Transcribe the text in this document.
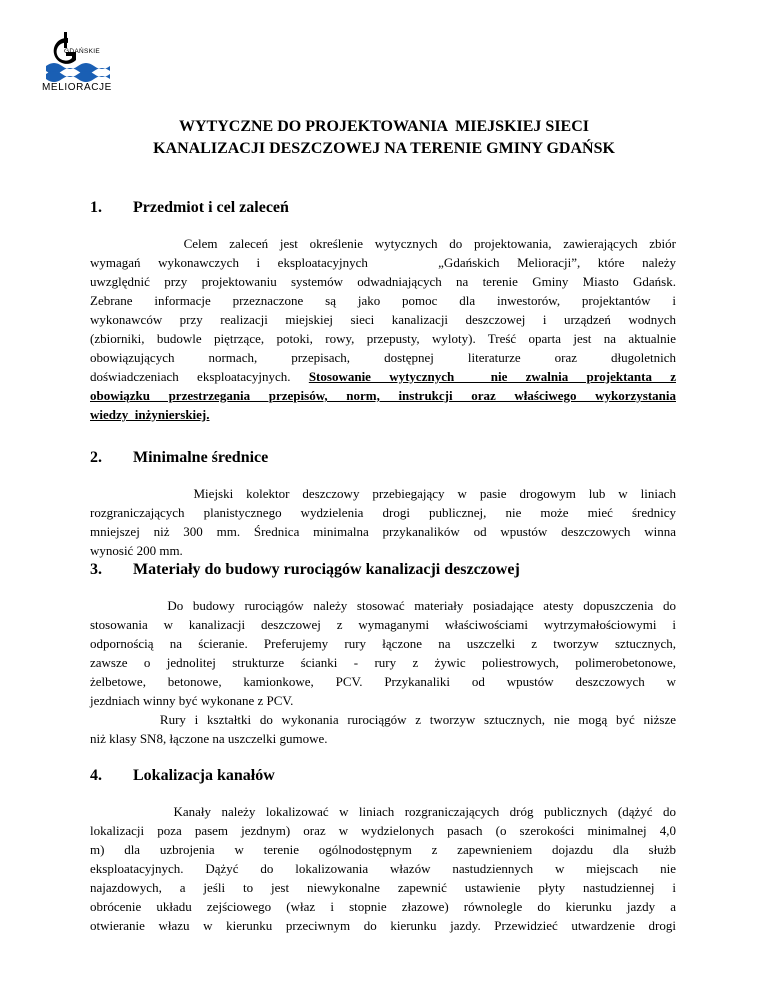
GDAŃSKIE
MELIORACJE
WYTYCZNE DO PROJEKTOWANIA  MIEJSKIEJ SIECI
KANALIZACJI DESZCZOWEJ NA TERENIE GMINY GDAŃSK
1. Przedmiot i cel zaleceń
Celem zaleceń jest określenie wytycznych do projektowania, zawierających zbiór
wymagań wykonawczych i eksploatacyjnych    „Gdańskich Melioracji”, które należy
uwzględnić przy projektowaniu systemów odwadniających na terenie Gminy Miasto Gdańsk.
Zebrane informacje przeznaczone są jako pomoc dla inwestorów, projektantów i
wykonawców przy realizacji miejskiej sieci kanalizacji deszczowej i urządzeń wodnych
(zbiorniki, budowle piętrzące, potoki, rowy, przepusty, wyloty). Treść oparta jest na aktualnie
obowiązujących normach, przepisach, dostępnej literaturze oraz długoletnich
doświadczeniach eksploatacyjnych. Stosowanie wytycznych  nie zwalnia projektanta z
obowiązku przestrzegania przepisów, norm, instrukcji oraz właściwego wykorzystania
wiedzy  inżynierskiej.
2. Minimalne średnice
Miejski kolektor deszczowy przebiegający w pasie drogowym lub w liniach
rozgraniczających planistycznego wydzielenia drogi publicznej, nie może mieć średnicy
mniejszej niż 300 mm. Średnica minimalna przykanalików od wpustów deszczowych winna
wynosić 200 mm.
3. Materiały do budowy rurociągów kanalizacji deszczowej
Do budowy rurociągów należy stosować materiały posiadające atesty dopuszczenia do
stosowania w kanalizacji deszczowej z wymaganymi właściwościami wytrzymałościowymi i
odpornością na ścieranie. Preferujemy rury łączone na uszczelki z tworzyw sztucznych,
zawsze o jednolitej strukturze ścianki - rury z żywic poliestrowych, polimerobetonowe,
żelbetowe, betonowe, kamionkowe, PCV. Przykanaliki od wpustów deszczowych w
jezdniach winny być wykonane z PCV.
Rury i kształtki do wykonania rurociągów z tworzyw sztucznych, nie mogą być niższe
niż klasy SN8, łączone na uszczelki gumowe.
4. Lokalizacja kanałów
Kanały należy lokalizować w liniach rozgraniczających dróg publicznych (dążyć do
lokalizacji poza pasem jezdnym) oraz w wydzielonych pasach (o szerokości minimalnej 4,0
m) dla uzbrojenia w terenie ogólnodostępnym z zapewnieniem dojazdu dla służb
eksploatacyjnych. Dążyć do lokalizowania włazów nastudziennych w miejscach nie
najazdowych, a jeśli to jest niewykonalne zapewnić ustawienie płyty nastudziennej i
obrócenie układu zejściowego (właz i stopnie złazowe) równolegle do kierunku jazdy a
otwieranie włazu w kierunku przeciwnym do kierunku jazdy. Przewidzieć utwardzenie drogi
